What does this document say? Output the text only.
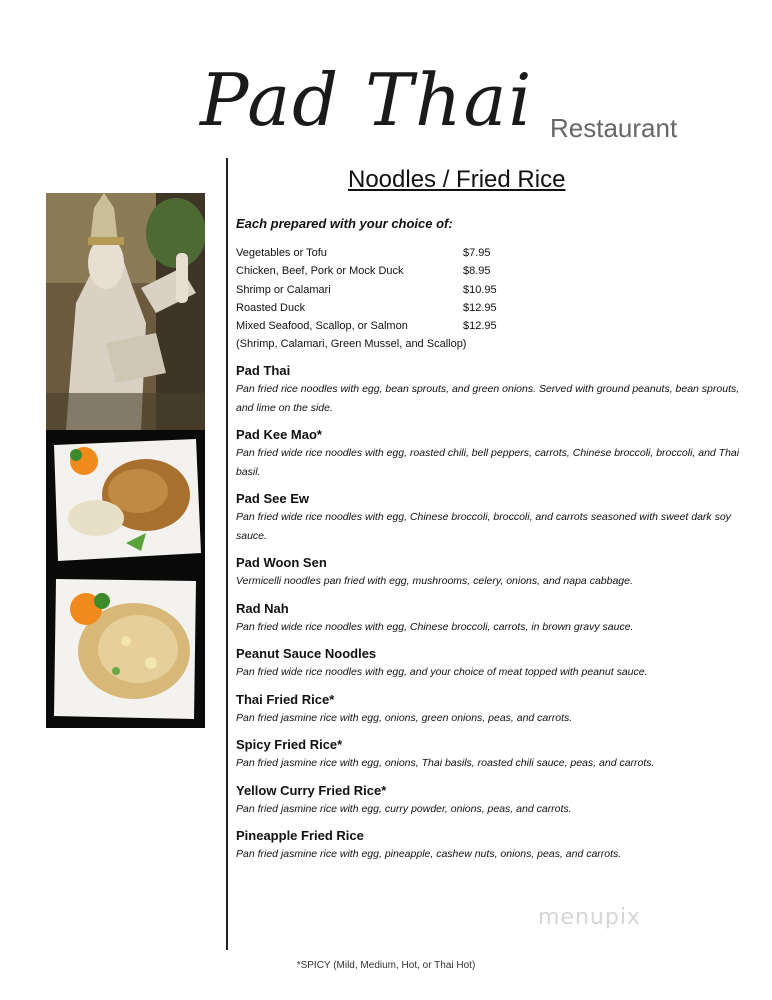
Pad Thai Restaurant
Noodles / Fried Rice
Each prepared with your choice of:
Vegetables or Tofu	$7.95
Chicken, Beef, Pork or Mock Duck	$8.95
Shrimp or Calamari	$10.95
Roasted Duck	$12.95
Mixed Seafood, Scallop, or Salmon	$12.95
(Shrimp, Calamari, Green Mussel, and Scallop)
Pad Thai
Pan fried rice noodles with egg, bean sprouts, and green onions. Served with ground peanuts, bean sprouts, and lime on the side.
Pad Kee Mao*
Pan fried wide rice noodles with egg, roasted chili, bell peppers, carrots, Chinese broccoli, broccoli, and Thai basil.
Pad See Ew
Pan fried wide rice noodles with egg, Chinese broccoli, broccoli, and carrots seasoned with sweet dark soy sauce.
Pad Woon Sen
Vermicelli noodles pan fried with egg, mushrooms, celery, onions, and napa cabbage.
Rad Nah
Pan fried wide rice noodles with egg, Chinese broccoli, carrots, in brown gravy sauce.
Peanut Sauce Noodles
Pan fried wide rice noodles with egg, and your choice of meat topped with peanut sauce.
Thai Fried Rice*
Pan fried jasmine rice with egg, onions, green onions, peas, and carrots.
Spicy Fried Rice*
Pan fried jasmine rice with egg, onions, Thai basils, roasted chili sauce, peas, and carrots.
Yellow Curry Fried Rice*
Pan fried jasmine rice with egg, curry powder, onions, peas, and carrots.
Pineapple Fried Rice
Pan fried jasmine rice with egg, pineapple, cashew nuts, onions, peas, and carrots.
menupix
*SPICY (Mild, Medium, Hot, or Thai Hot)
